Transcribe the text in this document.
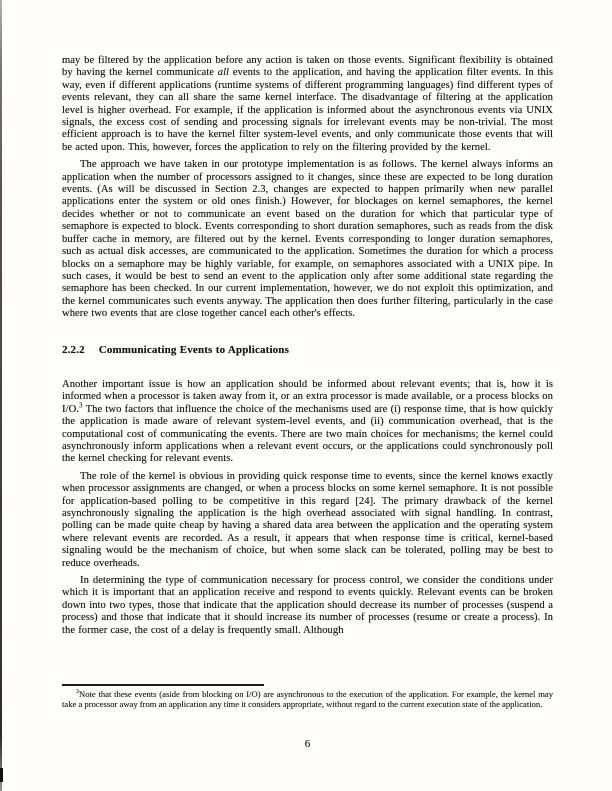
may be filtered by the application before any action is taken on those events. Significant flexibility is obtained by having the kernel communicate all events to the application, and having the application filter events. In this way, even if different applications (runtime systems of different programming languages) find different types of events relevant, they can all share the same kernel interface. The disadvantage of filtering at the application level is higher overhead. For example, if the application is informed about the asynchronous events via UNIX signals, the excess cost of sending and processing signals for irrelevant events may be non-trivial. The most efficient approach is to have the kernel filter system-level events, and only communicate those events that will be acted upon. This, however, forces the application to rely on the filtering provided by the kernel.

The approach we have taken in our prototype implementation is as follows. The kernel always informs an application when the number of processors assigned to it changes, since these are expected to be long duration events. (As will be discussed in Section 2.3, changes are expected to happen primarily when new parallel applications enter the system or old ones finish.) However, for blockages on kernel semaphores, the kernel decides whether or not to communicate an event based on the duration for which that particular type of semaphore is expected to block. Events corresponding to short duration semaphores, such as reads from the disk buffer cache in memory, are filtered out by the kernel. Events corresponding to longer duration semaphores, such as actual disk accesses, are communicated to the application. Sometimes the duration for which a process blocks on a semaphore may be highly variable, for example, on semaphores associated with a UNIX pipe. In such cases, it would be best to send an event to the application only after some additional state regarding the semaphore has been checked. In our current implementation, however, we do not exploit this optimization, and the kernel communicates such events anyway. The application then does further filtering, particularly in the case where two events that are close together cancel each other's effects.

2.2.2 Communicating Events to Applications

Another important issue is how an application should be informed about relevant events; that is, how it is informed when a processor is taken away from it, or an extra processor is made available, or a process blocks on I/O.$^3$ The two factors that influence the choice of the mechanisms used are (i) response time, that is how quickly the application is made aware of relevant system-level events, and (ii) communication overhead, that is the computational cost of communicating the events. There are two main choices for mechanisms; the kernel could asynchronously inform applications when a relevant event occurs, or the applications could synchronously poll the kernel checking for relevant events.

The role of the kernel is obvious in providing quick response time to events, since the kernel knows exactly when processor assignments are changed, or when a process blocks on some kernel semaphore. It is not possible for application-based polling to be competitive in this regard [24]. The primary drawback of the kernel asynchronously signaling the application is the high overhead associated with signal handling. In contrast, polling can be made quite cheap by having a shared data area between the application and the operating system where relevant events are recorded. As a result, it appears that when response time is critical, kernel-based signaling would be the mechanism of choice, but when some slack can be tolerated, polling may be best to reduce overheads.

In determining the type of communication necessary for process control, we consider the conditions under which it is important that an application receive and respond to events quickly. Relevant events can be broken down into two types, those that indicate that the application should decrease its number of processes (suspend a process) and those that indicate that it should increase its number of processes (resume or create a process). In the former case, the cost of a delay is frequently small. Although

$^3$Note that these events (aside from blocking on I/O) are asynchronous to the execution of the application. For example, the kernel may take a processor away from an application any time it considers appropriate, without regard to the current execution state of the application.

6
